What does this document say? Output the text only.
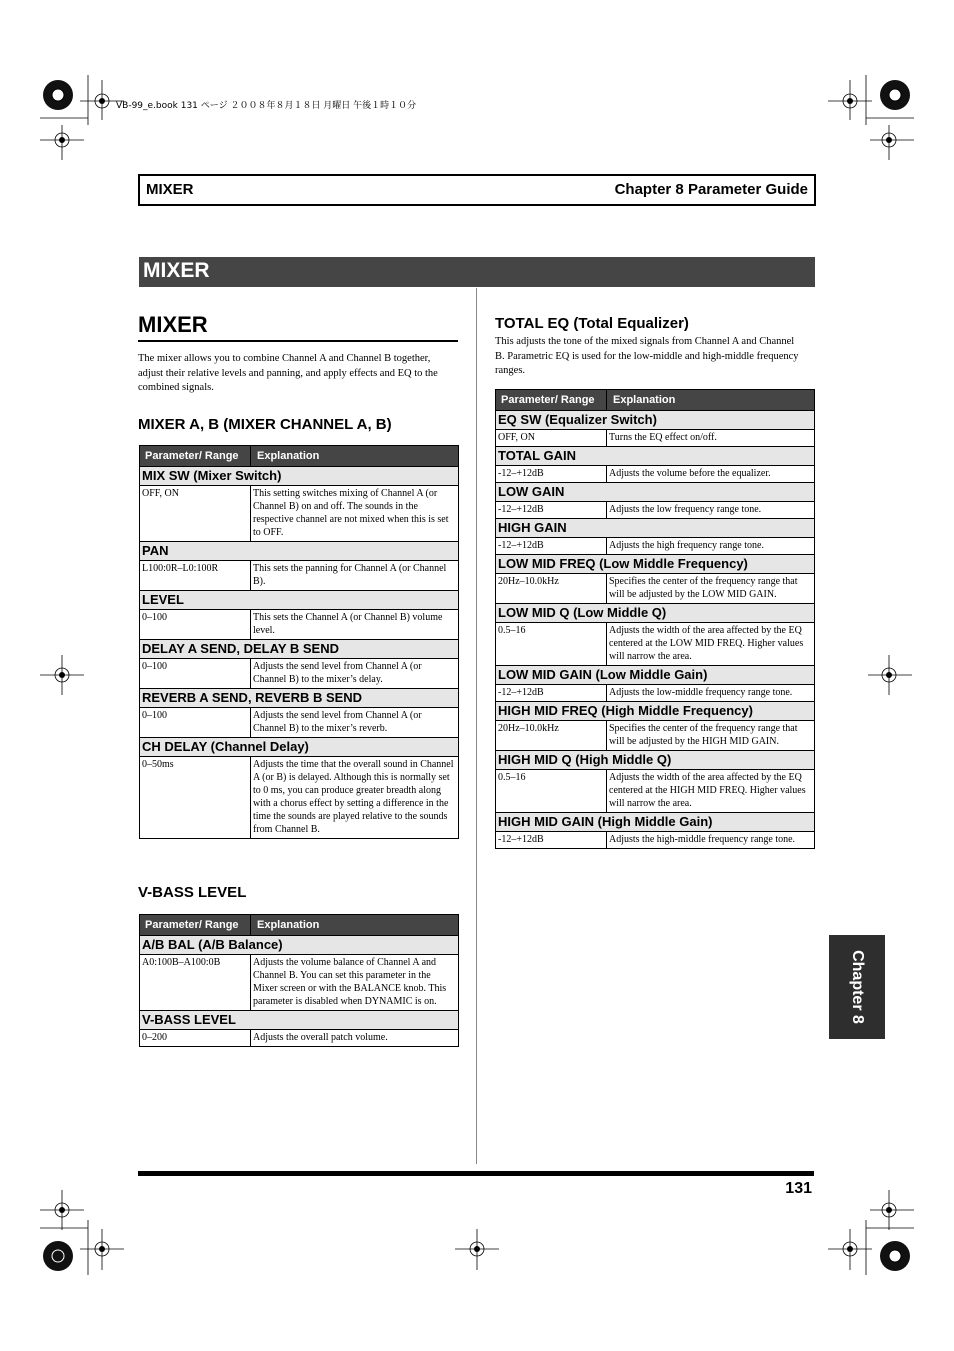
VB-99_e.book 131 ページ ２００８年８月１８日 月曜日 午後１時１０分
MIXER	Chapter 8 Parameter Guide
MIXER
MIXER
The mixer allows you to combine Channel A and Channel B together, adjust their relative levels and panning, and apply effects and EQ to the combined signals.
MIXER A, B (MIXER CHANNEL A, B)
Parameter/ Range	Explanation
MIX SW (Mixer Switch)	
OFF, ON	This setting switches mixing of Channel A (or Channel B) on and off. The sounds in the respective channel are not mixed when this is set to OFF.
PAN	
L100:0R–L0:100R	This sets the panning for Channel A (or Channel B).
LEVEL	
0–100	This sets the Channel A (or Channel B) volume level.
DELAY A SEND, DELAY B SEND	
0–100	Adjusts the send level from Channel A (or Channel B) to the mixer’s delay.
REVERB A SEND, REVERB B SEND	
0–100	Adjusts the send level from Channel A (or Channel B) to the mixer’s reverb.
CH DELAY (Channel Delay)	
0–50ms	Adjusts the time that the overall sound in Channel A (or B) is delayed. Although this is normally set to 0 ms, you can produce greater breadth along with a chorus effect by setting a difference in the time the sounds are played relative to the sounds from Channel B.
V-BASS LEVEL
Parameter/ Range	Explanation
A/B BAL (A/B Balance)	
A0:100B–A100:0B	Adjusts the volume balance of Channel A and Channel B. You can set this parameter in the Mixer screen or with the BALANCE knob. This parameter is disabled when DYNAMIC is on.
V-BASS LEVEL	
0–200	Adjusts the overall patch volume.
TOTAL EQ (Total Equalizer)
This adjusts the tone of the mixed signals from Channel A and Channel B. Parametric EQ is used for the low-middle and high-middle frequency ranges.
Parameter/ Range	Explanation
EQ SW (Equalizer Switch)	
OFF, ON	Turns the EQ effect on/off.
TOTAL GAIN	
-12–+12dB	Adjusts the volume before the equalizer.
LOW GAIN	
-12–+12dB	Adjusts the low frequency range tone.
HIGH GAIN	
-12–+12dB	Adjusts the high frequency range tone.
LOW MID FREQ (Low Middle Frequency)	
20Hz–10.0kHz	Specifies the center of the frequency range that will be adjusted by the LOW MID GAIN.
LOW MID Q (Low Middle Q)	
0.5–16	Adjusts the width of the area affected by the EQ centered at the LOW MID FREQ. Higher values will narrow the area.
LOW MID GAIN (Low Middle Gain)	
-12–+12dB	Adjusts the low-middle frequency range tone.
HIGH MID FREQ (High Middle Frequency)	
20Hz–10.0kHz	Specifies the center of the frequency range that will be adjusted by the HIGH MID GAIN.
HIGH MID Q (High Middle Q)	
0.5–16	Adjusts the width of the area affected by the EQ centered at the HIGH MID FREQ. Higher values will narrow the area.
HIGH MID GAIN (High Middle Gain)	
-12–+12dB	Adjusts the high-middle frequency range tone.
Chapter 8
131
